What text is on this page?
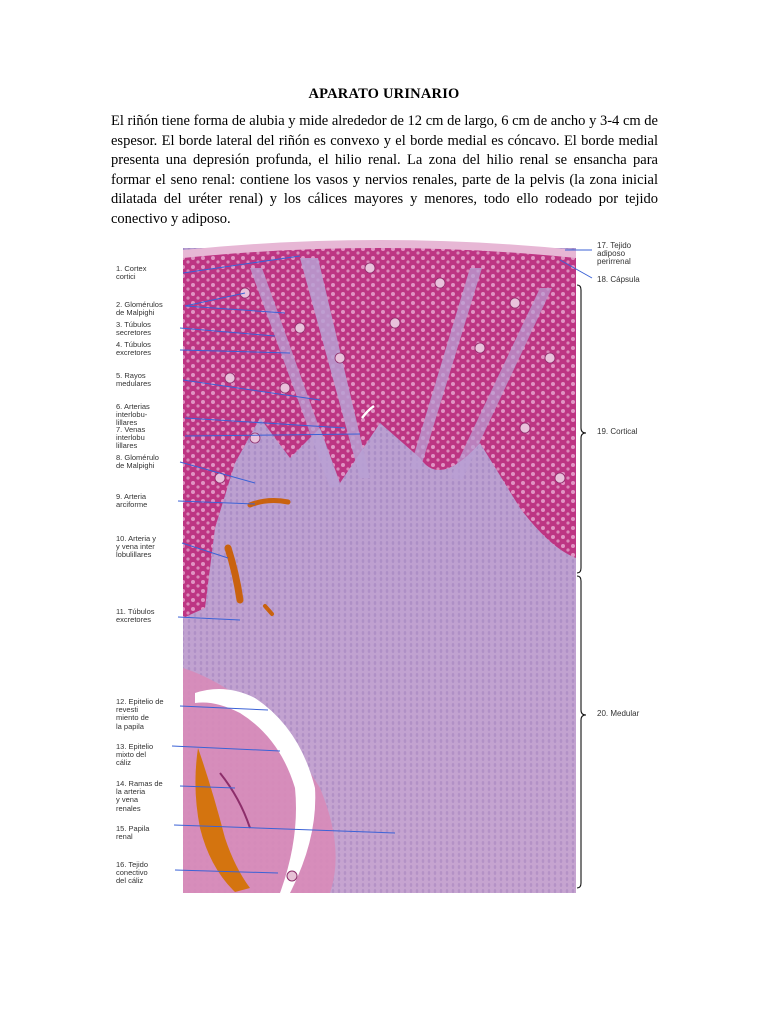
APARATO URINARIO
El riñón tiene forma de alubia y mide alrededor de 12 cm de largo, 6 cm de ancho y 3-4 cm de espesor. El borde lateral del riñón es convexo y el borde medial es cóncavo. El borde medial presenta una depresión profunda, el hilio renal. La zona del hilio renal se ensancha para formar el seno renal: contiene los vasos y nervios renales, parte de la pelvis (la zona inicial dilatada del uréter renal) y los cálices mayores y menores, todo ello rodeado por tejido conectivo y adiposo.
1. Cortex
cortici
2. Glomérulos
de Malpighi
3. Túbulos
secretores
4. Túbulos
excretores
5. Rayos
medulares
6. Arterias
interlobu-
lillares
7. Venas
interlobu
lillares
8. Glomérulo
de Malpighi
9. Arteria
arciforme
10. Arteria y
y vena inter
lobulillares
11. Túbulos
excretores
12. Epitelio de
revesti
miento de
la papila
13. Epitelio
mixto del
cáliz
14. Ramas de
la arteria
y vena
renales
15. Papila
renal
16. Tejido
conectivo
del cáliz
17. Tejido
adiposo
perirrenal
18. Cápsula
19. Cortical
20. Medular
